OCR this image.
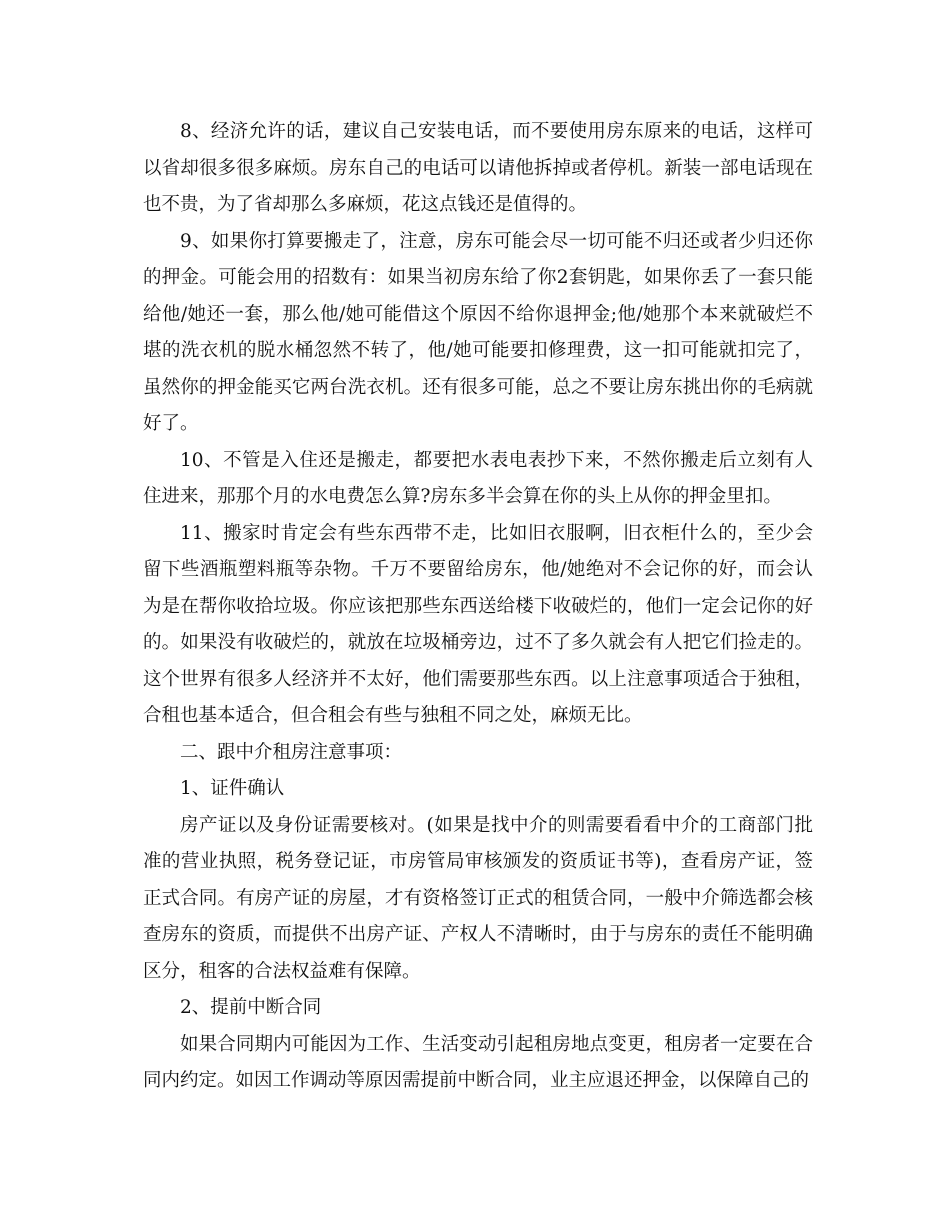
8、经济允许的话，建议自己安装电话，而不要使用房东原来的电话，这样可以省却很多很多麻烦。房东自己的电话可以请他拆掉或者停机。新装一部电话现在也不贵，为了省却那么多麻烦，花这点钱还是值得的。

9、如果你打算要搬走了，注意，房东可能会尽一切可能不归还或者少归还你的押金。可能会用的招数有：如果当初房东给了你2套钥匙，如果你丢了一套只能给他/她还一套，那么他/她可能借这个原因不给你退押金;他/她那个本来就破烂不堪的洗衣机的脱水桶忽然不转了，他/她可能要扣修理费，这一扣可能就扣完了，虽然你的押金能买它两台洗衣机。还有很多可能，总之不要让房东挑出你的毛病就好了。

10、不管是入住还是搬走，都要把水表电表抄下来，不然你搬走后立刻有人住进来，那那个月的水电费怎么算?房东多半会算在你的头上从你的押金里扣。

11、搬家时肯定会有些东西带不走，比如旧衣服啊，旧衣柜什么的，至少会留下些酒瓶塑料瓶等杂物。千万不要留给房东，他/她绝对不会记你的好，而会认为是在帮你收拾垃圾。你应该把那些东西送给楼下收破烂的，他们一定会记你的好的。如果没有收破烂的，就放在垃圾桶旁边，过不了多久就会有人把它们捡走的。这个世界有很多人经济并不太好，他们需要那些东西。以上注意事项适合于独租，合租也基本适合，但合租会有些与独租不同之处，麻烦无比。

二、跟中介租房注意事项：

1、证件确认

房产证以及身份证需要核对。(如果是找中介的则需要看看中介的工商部门批准的营业执照，税务登记证，市房管局审核颁发的资质证书等)，查看房产证，签正式合同。有房产证的房屋，才有资格签订正式的租赁合同，一般中介筛选都会核查房东的资质，而提供不出房产证、产权人不清晰时，由于与房东的责任不能明确区分，租客的合法权益难有保障。

2、提前中断合同

如果合同期内可能因为工作、生活变动引起租房地点变更，租房者一定要在合同内约定。如因工作调动等原因需提前中断合同，业主应退还押金，以保障自己的
